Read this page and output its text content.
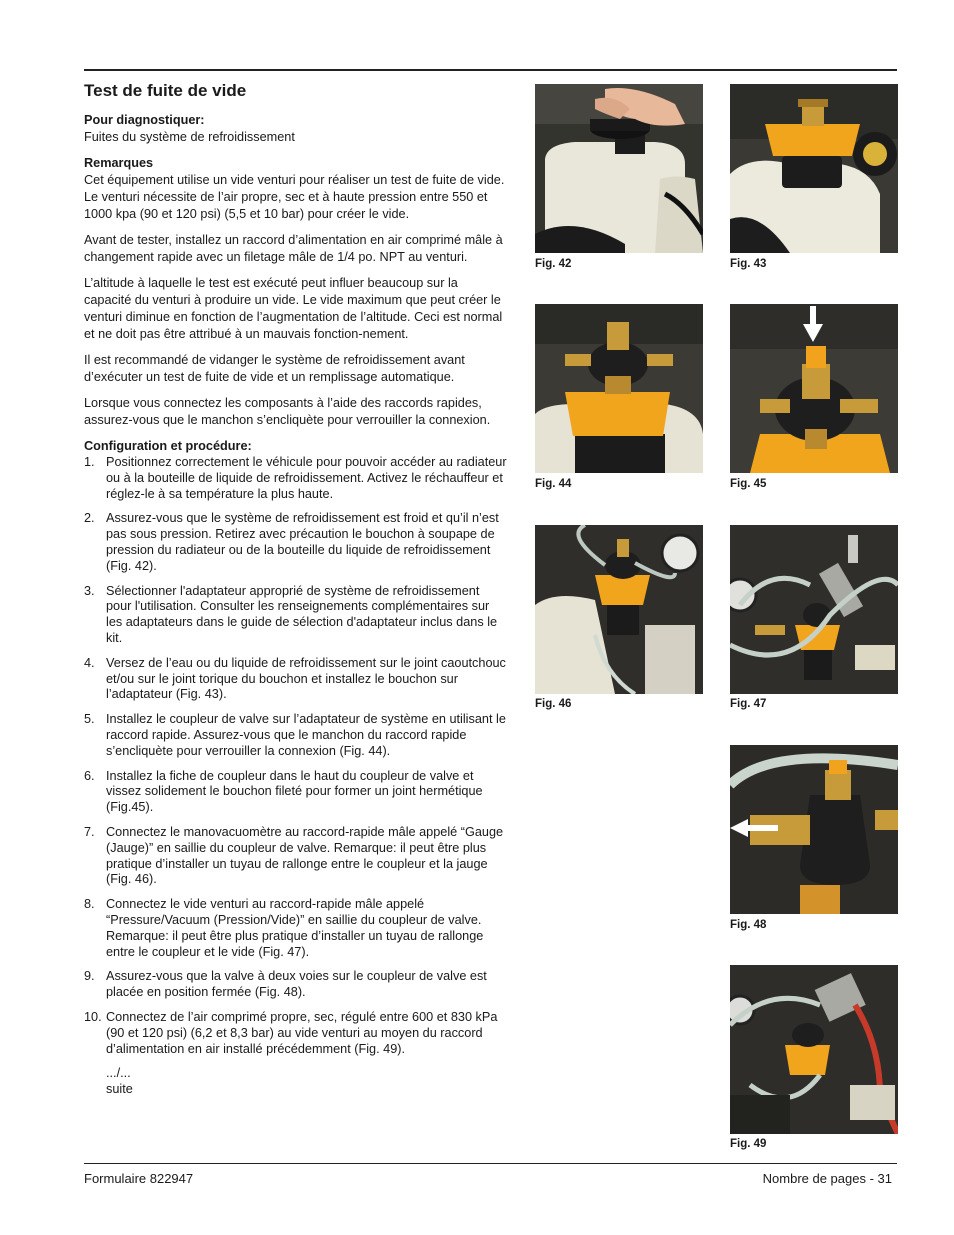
Test de fuite de vide

Pour diagnostiquer:

Fuites du système de refroidissement

Remarques

Cet équipement utilise un vide venturi pour réaliser un test de fuite de vide. Le venturi nécessite de l’air propre, sec et à haute pression entre 550 et 1000 kpa (90 et 120 psi) (5,5 et 10 bar) pour créer le vide.

Avant de tester, installez un raccord d’alimentation en air comprimé mâle à changement rapide avec un filetage mâle de 1/4 po. NPT au venturi.

L’altitude à laquelle le test est exécuté peut influer beaucoup sur la capacité du venturi à produire un vide. Le vide maximum que peut créer le venturi diminue en fonction de l’augmentation de l’altitude. Ceci est normal et ne doit pas être attribué à un mauvais fonction-nement.

Il est recommandé de vidanger le système de refroidissement avant d’exécuter un test de fuite de vide et un remplissage automatique.

Lorsque vous connectez les composants à l’aide des raccords rapides, assurez-vous que le manchon s’encliquète pour verrouiller la connexion.

Configuration et procédure:

1. Positionnez correctement le véhicule pour pouvoir accéder au radiateur ou à la bouteille de liquide de refroidissement. Activez le réchauffeur et réglez-le à sa température la plus haute.
2. Assurez-vous que le système de refroidissement est froid et qu’il n’est pas sous pression. Retirez avec précaution le bouchon à soupape de pression du radiateur ou de la bouteille du liquide de refroidissement (Fig. 42).
3. Sélectionner l'adaptateur approprié de système de refroidissement pour l'utilisation. Consulter les renseignements complémentaires sur les adaptateurs dans le guide de sélection d'adaptateur inclus dans le kit.
4. Versez de l’eau ou du liquide de refroidissement sur le joint caoutchouc et/ou sur le joint torique du bouchon et installez le bouchon sur l’adaptateur (Fig. 43).
5. Installez le coupleur de valve sur l’adaptateur de système en utilisant le raccord rapide. Assurez-vous que le manchon du raccord rapide s’encliquète pour verrouiller la connexion (Fig. 44).
6. Installez la fiche de coupleur dans le haut du coupleur de valve et vissez solidement le bouchon fileté pour former un joint hermétique (Fig.45).
7. Connectez le manovacuomètre au raccord-rapide mâle appelé “Gauge (Jauge)” en saillie du coupleur de valve. Remarque: il peut être plus pratique d’installer un tuyau de rallonge entre le coupleur et la jauge (Fig. 46).
8. Connectez le vide venturi au raccord-rapide mâle appelé “Pressure/Vacuum (Pression/Vide)” en saillie du coupleur de valve. Remarque: il peut être plus pratique d’installer un tuyau de rallonge entre le coupleur et le vide (Fig. 47).
9. Assurez-vous que la valve à deux voies sur le coupleur de valve est placée en position fermée (Fig. 48).
10. Connectez de l’air comprimé propre, sec, régulé entre 600 et 830 kPa (90 et 120 psi) (6,2 et 8,3 bar) au vide venturi au moyen du raccord d’alimentation en air installé précédemment (Fig. 49).
.../...
suite
Fig. 42	Fig. 43
Fig. 44	Fig. 45
Fig. 46	Fig. 47
Fig. 48
Fig. 49
Formulaire 822947	Nombre de pages - 31
